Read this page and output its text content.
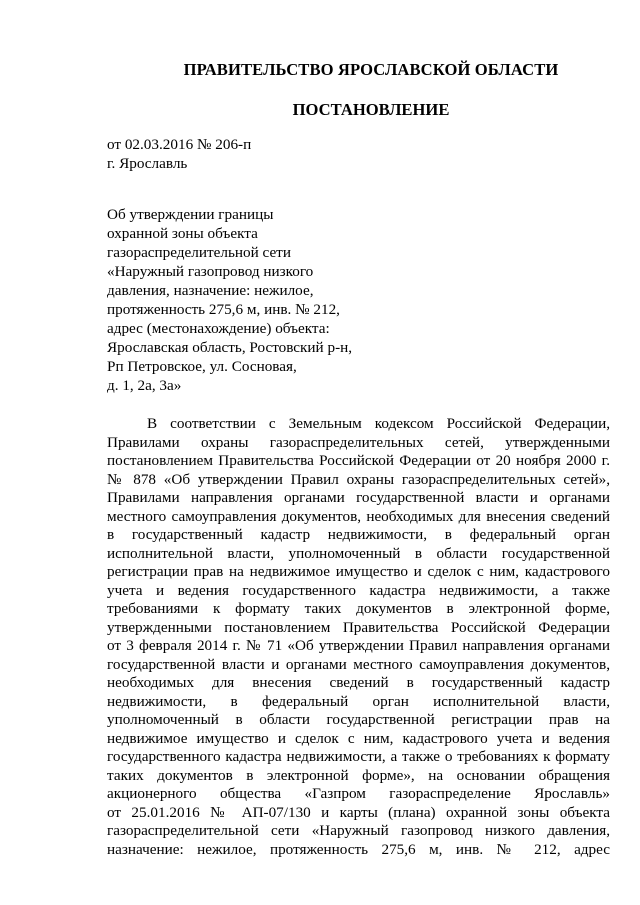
ПРАВИТЕЛЬСТВО ЯРОСЛАВСКОЙ ОБЛАСТИ
ПОСТАНОВЛЕНИЕ
от 02.03.2016 № 206-п
г. Ярославль
Об утверждении границы
охранной зоны объекта
газораспределительной сети
«Наружный газопровод низкого
давления, назначение: нежилое,
протяженность 275,6 м, инв. № 212,
адрес (местонахождение) объекта:
Ярославская область, Ростовский р-н,
Рп Петровское, ул. Сосновая,
д. 1, 2а, 3а»
В соответствии с Земельным кодексом Российской Федерации,
Правилами охраны газораспределительных сетей, утвержденными
постановлением Правительства Российской Федерации от 20 ноября 2000 г.
№ 878 «Об утверждении Правил охраны газораспределительных сетей»,
Правилами направления органами государственной власти и органами
местного самоуправления документов, необходимых для внесения сведений
в государственный кадастр недвижимости, в федеральный орган
исполнительной власти, уполномоченный в области государственной
регистрации прав на недвижимое имущество и сделок с ним, кадастрового
учета и ведения государственного кадастра недвижимости, а также
требованиями к формату таких документов в электронной форме,
утвержденными постановлением Правительства Российской Федерации
от 3 февраля 2014 г. № 71 «Об утверждении Правил направления органами
государственной власти и органами местного самоуправления документов,
необходимых для внесения сведений в государственный кадастр
недвижимости, в федеральный орган исполнительной власти,
уполномоченный в области государственной регистрации прав на
недвижимое имущество и сделок с ним, кадастрового учета и ведения
государственного кадастра недвижимости, а также о требованиях к формату
таких документов в электронной форме», на основании обращения
акционерного общества «Газпром газораспределение Ярославль»
от 25.01.2016 № АП-07/130 и карты (плана) охранной зоны объекта
газораспределительной сети «Наружный газопровод низкого давления,
назначение: нежилое, протяженность 275,6 м, инв. № 212, адрес
